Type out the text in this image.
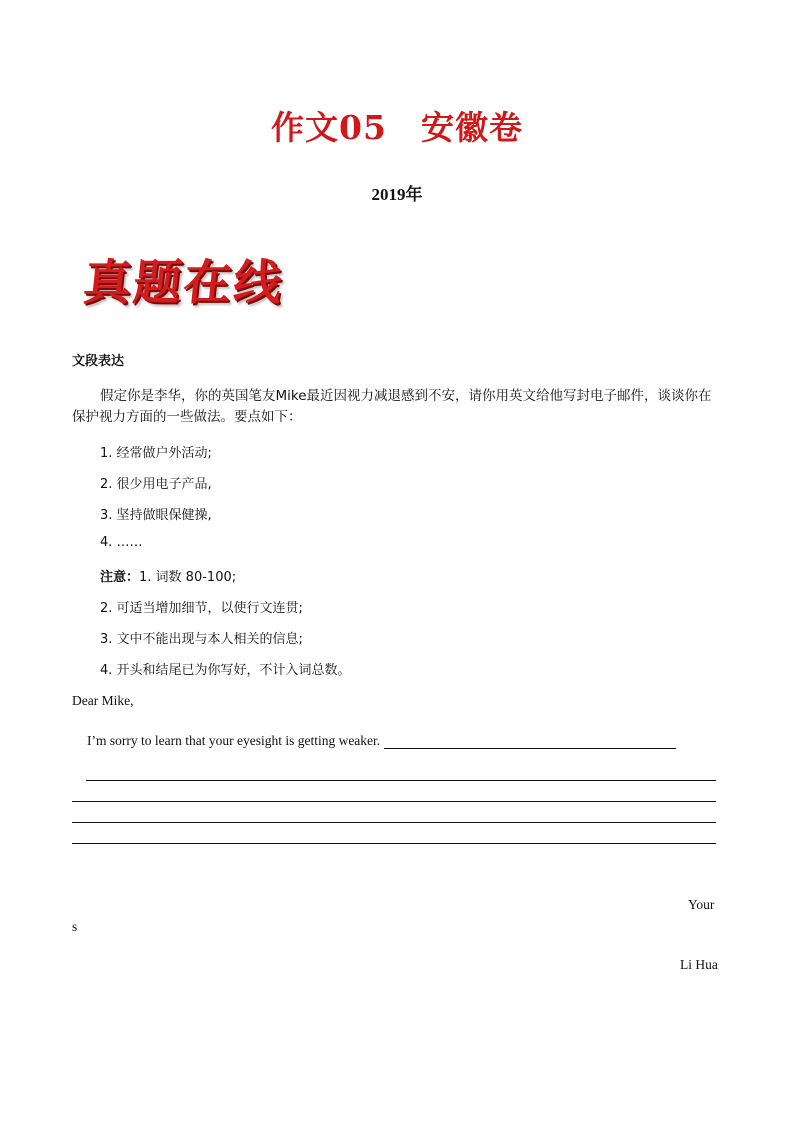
作文05 安徽卷
2019年
真题在线
文段表达
假定你是李华，你的英国笔友Mike最近因视力减退感到不安，请你用英文给他写封电子邮件，谈谈你在保护视力方面的一些做法。要点如下：
1. 经常做户外活动;
2. 很少用电子产品,
3. 坚持做眼保健操,
4. ……
注意：1. 词数 80-100;
2. 可适当增加细节，以使行文连贯;
3. 文中不能出现与本人相关的信息;
4. 开头和结尾已为你写好，不计入词总数。
Dear Mike,
I’m sorry to learn that your eyesight is getting weaker.
Your
s
Li Hua
